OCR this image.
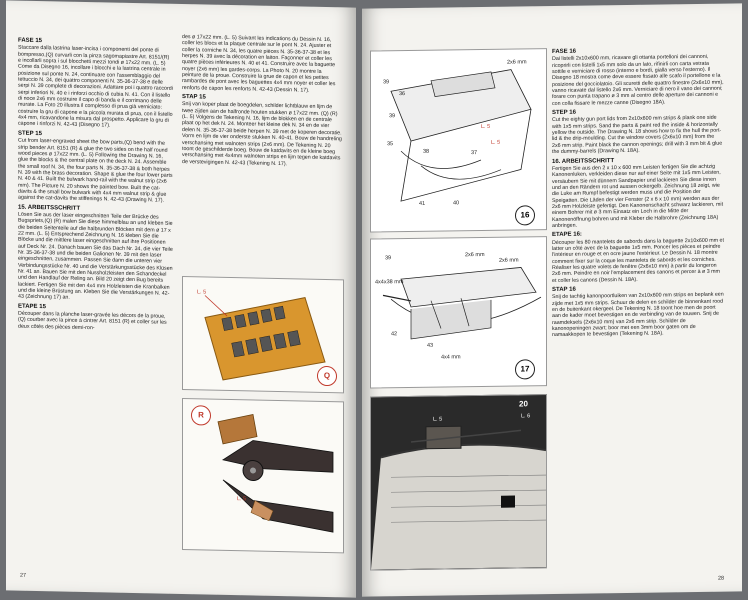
FASE 15

Staccare dalla lastrina laser-incisa i componenti del ponte di bompresso,(Q) curvarli con la pinza sagomapiastre Art. 8151/(R) e incollarli sopra i sul blocchetti mezzi tondi ø 17x22 mm. (L. 5) Come da Disegno 16, incollare i blocchi e la lastrina centrale in posizione sul ponte N. 24, continuare con l'assemblaggio del tettuccio N. 34, dei quattro componenti N. 35-36-37-38 e delle serpi N. 39 complete di decorazioni. Adattare poi i quattro raccordi serpi inferiori N. 40 e i rinforzi occhio di cubia N. 41. Con il listello di noce 2x6 mm costruire il capo di banda e il corrimano delle murate. La Foto 20 illustra il complesso di prua già verniciato: costruire la gru di capone e la piccola murata di prua, con il listello 4x4 mm, ricavandone la misura dal prospetto. Applicare la gru di capone i rinforzi N. 42-43 (Disegno 17).

STEP 15

Cut from laser-engraved sheet the bow parts,(Q) bend with the strip bender Art. 8151 (R) & glue the two sides on the half round wood pieces ø 17x22 mm. (L. 5) Following the Drawing N. 16, glue the blocks & the central plate on the deck N. 24. Assemble the small roof N. 34, the four parts N. 35-36-37-38 & both herpes N. 39 with the brass decoration. Shape & glue the four lower parts N. 40 & 41. Built the bulwark hand-rail with the walnut strip (2x6 mm). The Picture N. 20 shows the painted bow. Built the cat-davits & the small bow bulwark with 4x4 mm walnut strip & glue against the cat-davits the stiffenings N. 42-43 (Drawing N. 17).

15. ARBEITSSCHRITT

Lösen Sie aus der laser eingeschnitten Teile der Brücke des Bugspriets,(Q) (R) malen Sie diese himmelblau an und kleben Sie die beiden Seitenteile auf die halbrunden Blöcken mit dem ø 17 x 22 mm. (L. 5) Entsprechend Zeichnung N. 16 kleben Sie die Blöcke und die mittlere laser eingeschnitten auf ihre Positionen auf Deck Nr. 24. Danach bauen Sie das Dach Nr. 34, die vier Teile Nr. 35-36-37-38 und die beiden Galionen Nr. 39 mit den laser eingeschnitten, zusammen. Passen Sie dann die unteren vier Verbindungsstücke Nr. 40 und die Verstärkungsstücke des Klüsen Nr. 41 an. Bauen Sie mit den Nussholzleisten den Schandeckel und den Handlauf der Reling an. Bild 20 zeigt den Bug bereits lackiert. Fertigen Sie mit den 4x4 mm Holzleisten die Kranbalken und die kleine Brüstung an. Kleben Sie die Verstärkungen N. 42-43 (Zeichnung 17) an.

ETAPE 15

Découper dans la planche laser-gravée les décors de la proue,(Q) courber avec la pince à cintrer Art. 8151 (R) et coller sur les deux côtés des pièces demi-ron-

des ø 17x22 mm. (L. 5) Suivant les indications du Dessin N. 16, coller les blocs et la plaque centrale sur le pont N. 24. Ajuster et coller la corniche N. 34, les quatre pièces N. 35-36-37-38 et les herpes N. 39 avec la décoration en laiton. Façonner et coller les quatre pièces inférieures N. 40 et 41. Construire avec la baguette noyer (2x6 mm) les gardes-corps. La Photo N. 20 montre la peinture de la proue. Construire la grue de capon et les petites rambardes de pont avec les baguettes 4x4 mm noyer et coller les renforts de capon les renforts N. 42-43 (Dessin N. 17).

STAP 15

Snij van koper plaat de boegdelen, schilder lichtblauw en lijm de twee zijden aan de halfronde houten stukken ø 17x22 mm. (Q) (R) (L. 5) Volgens de Tekening N. 16, lijm de blokken en de centrale plaat op het dek N. 24. Monteer het kleine dek N. 34 en de vier delen N. 35-36-37-38 beide herpen N. 39 met de koperen decoratie. Vorm en lijm de vier onderste stukken N. 40-41. Bouw de handreling verschansing met walnoten strips (2x6 mm). De Tekening N. 20 toont de geschilderde boeg. Bouw de katdavits en de kleine boeg verschansing met 4x4mm walnoten strips en lijm tegen de katdavits de verstevigingen N. 42-43 (Tekening N. 17).

L. 5
Q
L. 5
R
27
2x6 mm
39
L. 5
36
39
35
38
41	40
37
L. 5
16
39
2x6 mm
2x6 mm
4x4x38 mm
42
43
4x4 mm
17
L. 5
L. 6
20
FASE 16

Dai listelli 2x10x600 mm, ricavare gli ottanta portelloni dei cannoni, ricoprirli con listelli 1x5 mm solo da un lato, rifinirli con carta vetrata sottile e verniciare di rosso (interno e bordi, gialla verso l'esterno). Il Disegno 18 mostra come deve essere fissato alle scafo il portellone e la posizione del gocciolatoio. Gli scuretti delle quattro finestre (2x6x10 mm), vanno ricavate dal listello 2x6 mm. Verniciare di nero il vano dei cannoni; forare con punta trapano ø 3 mm al centro delle aperture dei cannoni e con colla fissare le mezze canne (Disegno 18A).

STEP 16

Cut the eighty gun port lids from 2x10x600 mm strips & plank one side with 1x5 mm strips. Sand the parts & paint red the inside & horizontally yellow the outside. The Drawing N. 18 shows how to fix the hull the port-lid & the drip-moulding. Cut the window covers (2x6x10 mm) from the 2x6 mm strip. Paint black the cannon openings; drill with 3 mm bit & glue the dummy-barrels (Drawing N. 18A).

16. ARBEITSSCHRITT

Fertigen Sie aus den 2 x 10 x 600 mm Leisten fertigen Sie die achtzig Kanonenluken, verkleiden diese nur auf einer Seite mit 1x5 mm Leisten, versäubern Sie mit dünnem Sandpapier und lackieren Sie diese innen und an den Rändern rot und aussen ockergelb. Zeichnung 18 zeigt, wie die Luke am Rumpf befestigt werden muss und die Position der Speigatten. Die Läden der vier Fenster (2 x 6 x 10 mm) werden aus der 2x6 mm Holzleiste gefertigt. Den Kanonenschacht schwarz lackieren, mit einem Bohrer mit ø 3 mm Einsatz ein Loch in die Mitte der Kanonenöffnung bohren und mit Kleber die Halbrohre (Zeichnung 18A) anbringen.

ETAPE 16:

Découper les 80 mantelets de sabords dans la baguette 2x10x600 mm et latter un côté avec de la baguette 1x5 mm. Poncer les pièces et peindre l'intérieur en rouge et en ocre jaune l'extérieur. Le Dessin N. 18 montre comment fixer sur la coque les mantelets de sabords et les corniches. Réaliser les quatre volets de fenêtre (2x6x10 mm) à partir du longeron 2x6 mm. Peindre en noir l'emplacement des canons et percer à ø 3 mm et coller les canons (Dessin N. 18A).

STAP 16

Snij de tachtig kanonpoortluiken van 2x10x600 mm strips en beplank een zijde met 1x5 mm strips. Schuur de delen en schilder de binnenkant rood en de buitenkant okergeel. De Tekening N. 18 toont hoe men de poort aan de kader moet bevestigen en de verbinding van de touwen. Snij de raamdeksels (2x6x10 mm) van 2x6 mm strip. Schilder de kanonopeningen zwart; boor met een 3mm boor gaten om de namaakkopen te bevestigen (Tekening N. 18A).

28
